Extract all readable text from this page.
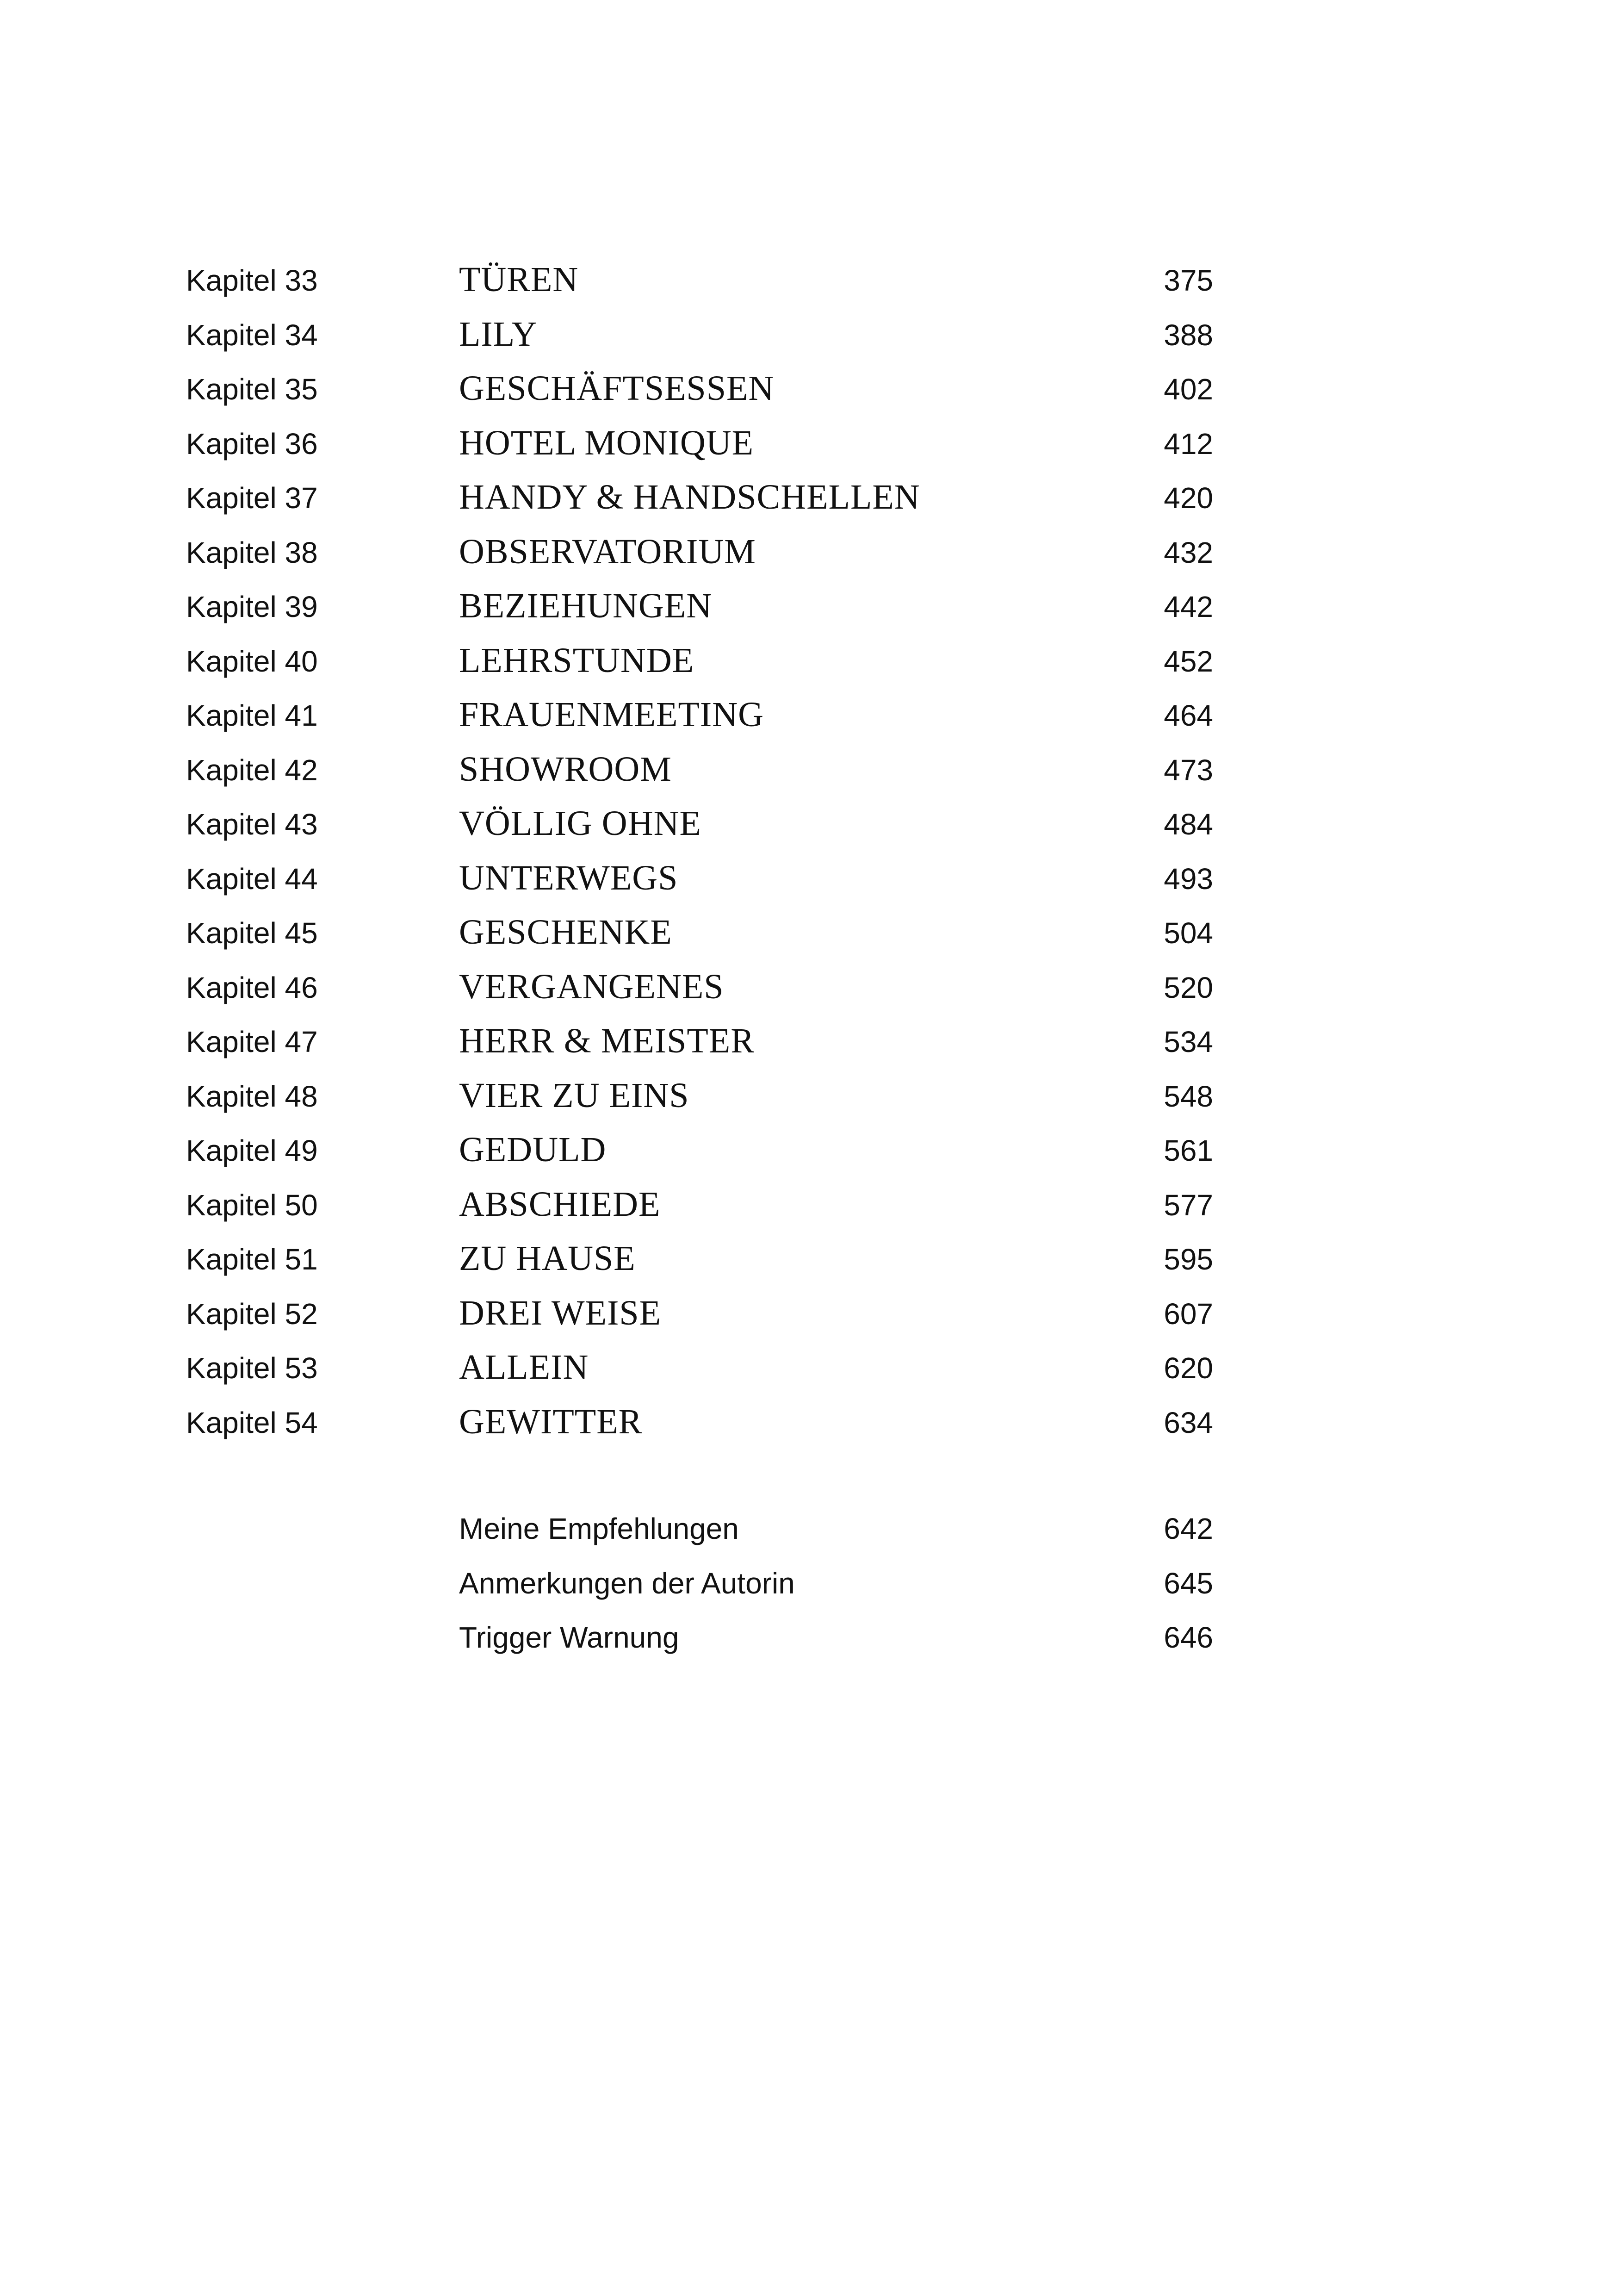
Kapitel 33	TÜREN	375
Kapitel 34	LILY	388
Kapitel 35	GESCHÄFTSESSEN	402
Kapitel 36	HOTEL MONIQUE	412
Kapitel 37	HANDY & HANDSCHELLEN	420
Kapitel 38	OBSERVATORIUM	432
Kapitel 39	BEZIEHUNGEN	442
Kapitel 40	LEHRSTUNDE	452
Kapitel 41	FRAUENMEETING	464
Kapitel 42	SHOWROOM	473
Kapitel 43	VÖLLIG OHNE	484
Kapitel 44	UNTERWEGS	493
Kapitel 45	GESCHENKE	504
Kapitel 46	VERGANGENES	520
Kapitel 47	HERR & MEISTER	534
Kapitel 48	VIER ZU EINS	548
Kapitel 49	GEDULD	561
Kapitel 50	ABSCHIEDE	577
Kapitel 51	ZU HAUSE	595
Kapitel 52	DREI WEISE	607
Kapitel 53	ALLEIN	620
Kapitel 54	GEWITTER	634
Meine Empfehlungen	642
Anmerkungen der Autorin	645
Trigger Warnung	646
